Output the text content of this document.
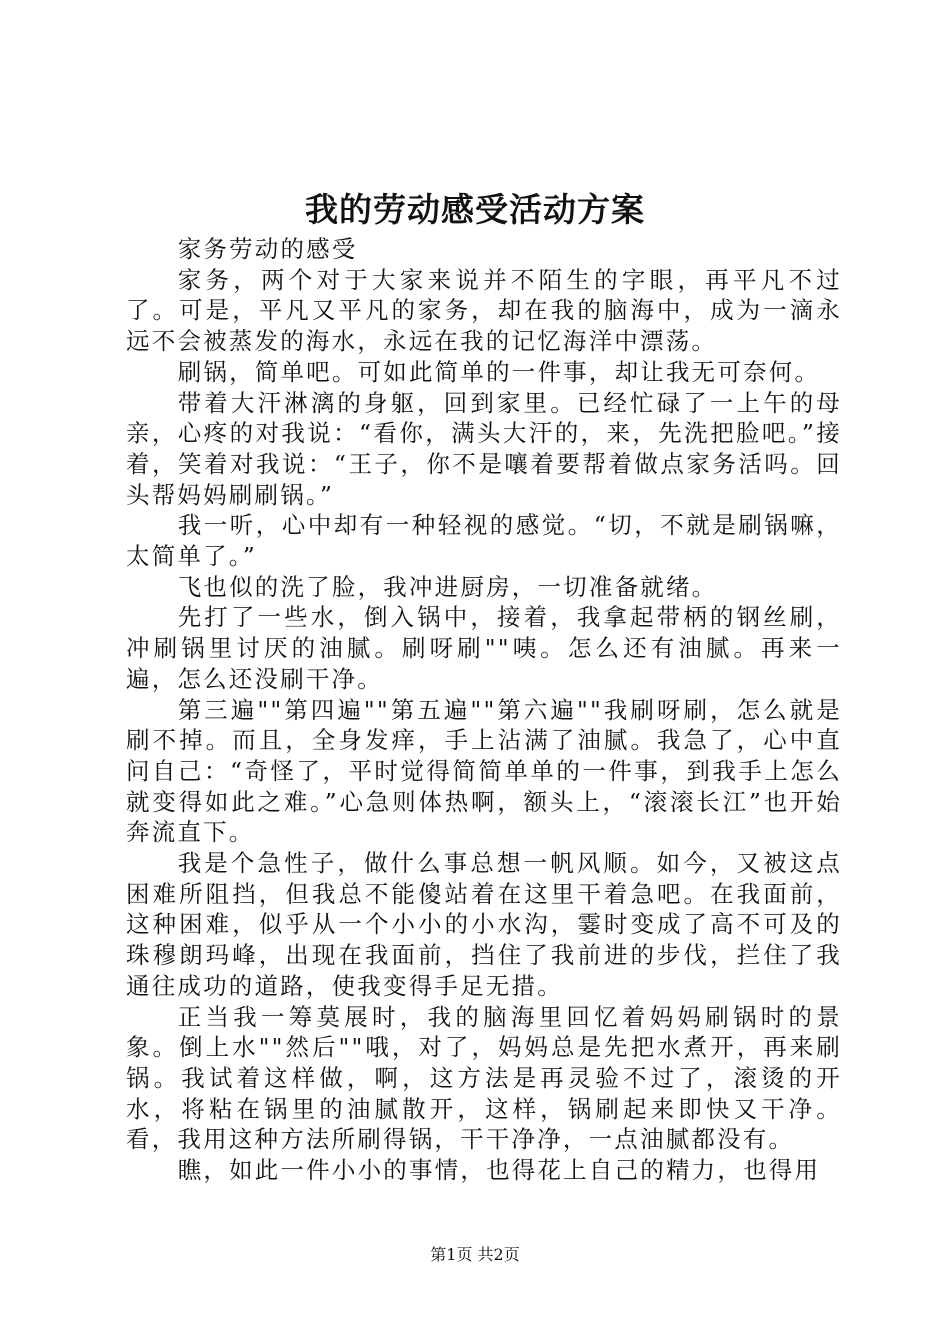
我的劳动感受活动方案

家务劳动的感受

家务，两个对于大家来说并不陌生的字眼，再平凡不过了。可是，平凡又平凡的家务，却在我的脑海中，成为一滴永远不会被蒸发的海水，永远在我的记忆海洋中漂荡。

刷锅，简单吧。可如此简单的一件事，却让我无可奈何。

带着大汗淋漓的身躯，回到家里。已经忙碌了一上午的母亲，心疼的对我说：“看你，满头大汗的，来，先洗把脸吧。”接着，笑着对我说：“王子，你不是嚷着要帮着做点家务活吗。回头帮妈妈刷刷锅。”

我一听，心中却有一种轻视的感觉。“切，不就是刷锅嘛，太简单了。”

飞也似的洗了脸，我冲进厨房，一切准备就绪。

先打了一些水，倒入锅中，接着，我拿起带柄的钢丝刷，冲刷锅里讨厌的油腻。刷呀刷""咦。怎么还有油腻。再来一遍，怎么还没刷干净。

第三遍""第四遍""第五遍""第六遍""我刷呀刷，怎么就是刷不掉。而且，全身发痒，手上沾满了油腻。我急了，心中直问自己：“奇怪了，平时觉得简简单单的一件事，到我手上怎么就变得如此之难。”心急则体热啊，额头上，“滚滚长江”也开始奔流直下。

我是个急性子，做什么事总想一帆风顺。如今，又被这点困难所阻挡，但我总不能傻站着在这里干着急吧。在我面前，这种困难，似乎从一个小小的小水沟，霎时变成了高不可及的珠穆朗玛峰，出现在我面前，挡住了我前进的步伐，拦住了我通往成功的道路，使我变得手足无措。

正当我一筹莫展时，我的脑海里回忆着妈妈刷锅时的景象。倒上水""然后""哦，对了，妈妈总是先把水煮开，再来刷锅。我试着这样做，啊，这方法是再灵验不过了，滚烫的开水，将粘在锅里的油腻散开，这样，锅刷起来即快又干净。看，我用这种方法所刷得锅，干干净净，一点油腻都没有。

瞧，如此一件小小的事情，也得花上自己的精力，也得用

第1页 共2页
